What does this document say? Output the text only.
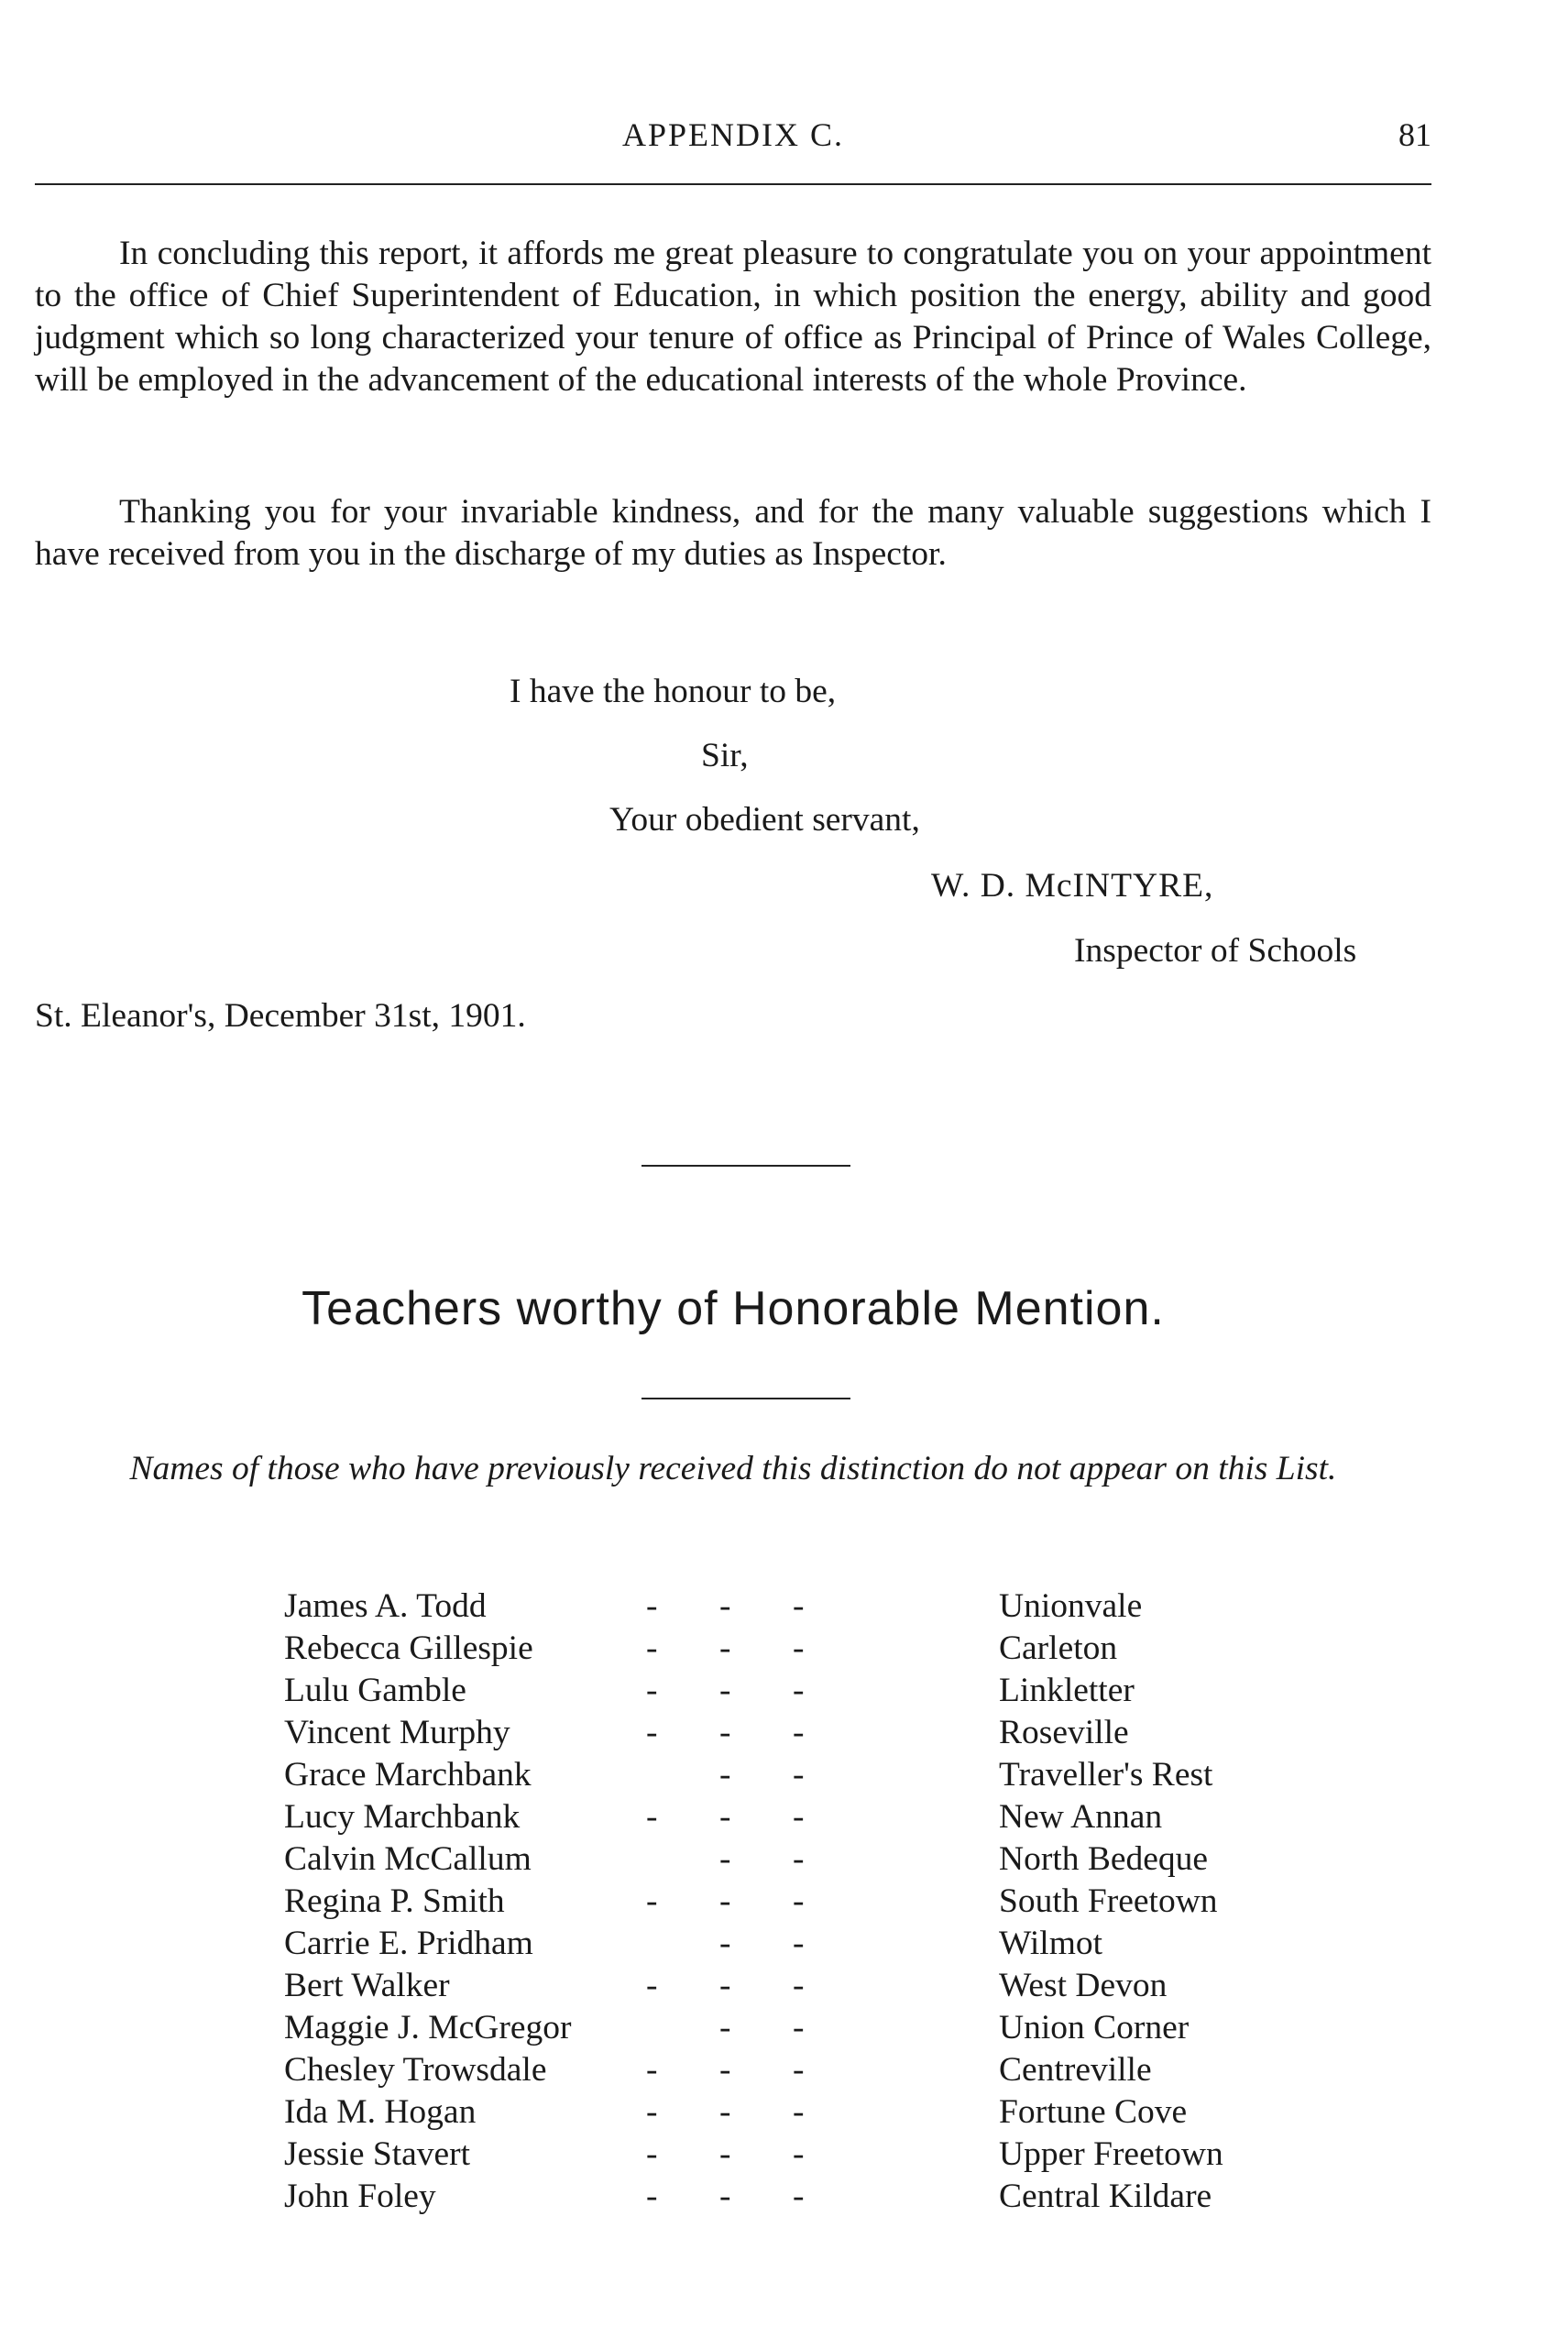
APPENDIX C.	81

In concluding this report, it affords me great pleasure to congratulate you on your appointment to the office of Chief Superintendent of Education, in which position the energy, ability and good judgment which so long characterized your tenure of office as Principal of Prince of Wales College, will be employed in the advancement of the educational interests of the whole Province.

Thanking you for your invariable kindness, and for the many valuable suggestions which I have received from you in the discharge of my duties as Inspector.

I have the honour to be,
Sir,
Your obedient servant,
W. D. McINTYRE,
Inspector of Schools
St. Eleanor's, December 31st, 1901.
Teachers worthy of Honorable Mention.

Names of those who have previously received this distinction do not appear on this List.

James A. Todd	- - -	Unionvale
Rebecca Gillespie	- - -	Carleton
Lulu Gamble	- - -	Linkletter
Vincent Murphy	- - -	Roseville
Grace Marchbank	- -	Traveller's Rest
Lucy Marchbank	- - -	New Annan
Calvin McCallum	- -	North Bedeque
Regina P. Smith	- - -	South Freetown
Carrie E. Pridham	- -	Wilmot
Bert Walker	- - -	West Devon
Maggie J. McGregor	- -	Union Corner
Chesley Trowsdale	- - -	Centreville
Ida M. Hogan	- - -	Fortune Cove
Jessie Stavert	- - -	Upper Freetown
John Foley	- - -	Central Kildare
